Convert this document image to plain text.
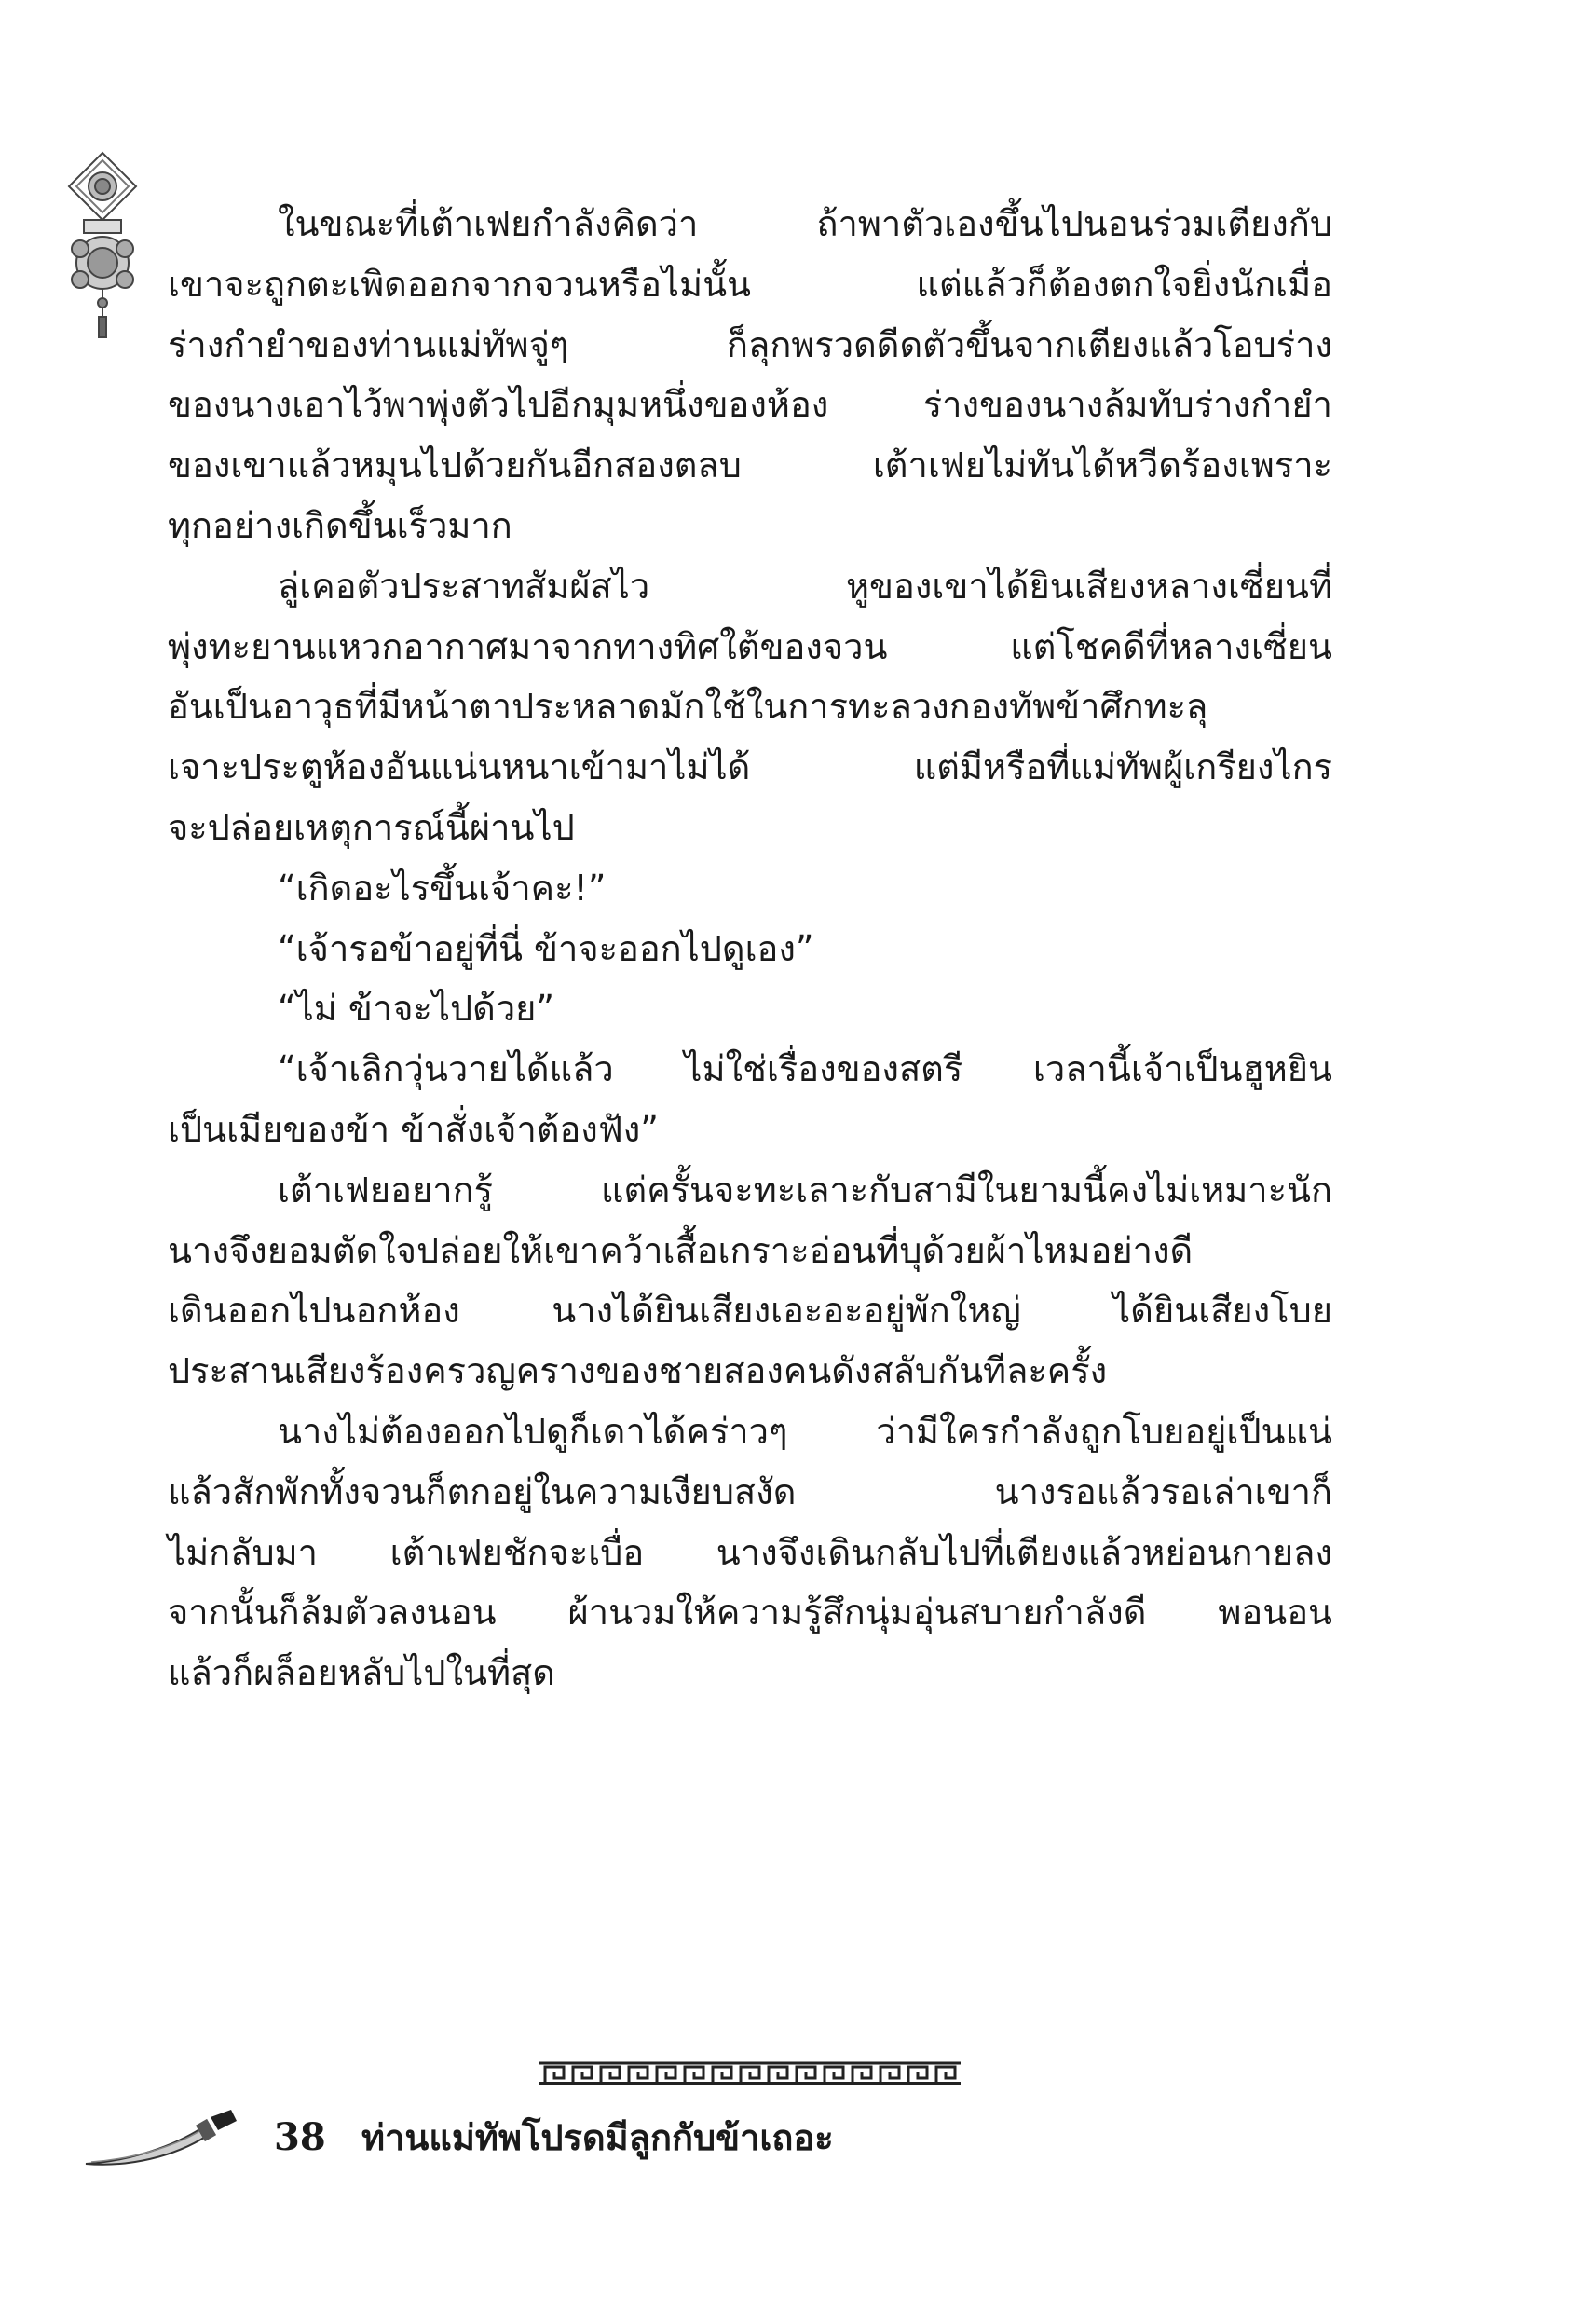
ในขณะที่เต้าเฟยกำลังคิดว่า ถ้าพาตัวเองขึ้นไปนอนร่วมเตียงกับ

เขาจะถูกตะเพิดออกจากจวนหรือไม่นั้น แต่แล้วก็ต้องตกใจยิ่งนักเมื่อ

ร่างกำยำของท่านแม่ทัพจู่ๆ ก็ลุกพรวดดีดตัวขึ้นจากเตียงแล้วโอบร่าง

ของนางเอาไว้พาพุ่งตัวไปอีกมุมหนึ่งของห้อง ร่างของนางล้มทับร่างกำยำ

ของเขาแล้วหมุนไปด้วยกันอีกสองตลบ เต้าเฟยไม่ทันได้หวีดร้องเพราะ

ทุกอย่างเกิดขึ้นเร็วมาก

ลู่เคอตัวประสาทสัมผัสไว หูของเขาได้ยินเสียงหลางเซี่ยนที่

พุ่งทะยานแหวกอากาศมาจากทางทิศใต้ของจวน แต่โชคดีที่หลางเซี่ยน

อันเป็นอาวุธที่มีหน้าตาประหลาดมักใช้ในการทะลวงกองทัพข้าศึกทะลุ

เจาะประตูห้องอันแน่นหนาเข้ามาไม่ได้ แต่มีหรือที่แม่ทัพผู้เกรียงไกร

จะปล่อยเหตุการณ์นี้ผ่านไป

“เกิดอะไรขึ้นเจ้าคะ!”

“เจ้ารอข้าอยู่ที่นี่ ข้าจะออกไปดูเอง”

“ไม่ ข้าจะไปด้วย”

“เจ้าเลิกวุ่นวายได้แล้ว ไม่ใช่เรื่องของสตรี เวลานี้เจ้าเป็นฮูหยิน

เป็นเมียของข้า ข้าสั่งเจ้าต้องฟัง”

เต้าเฟยอยากรู้ แต่ครั้นจะทะเลาะกับสามีในยามนี้คงไม่เหมาะนัก

นางจึงยอมตัดใจปล่อยให้เขาคว้าเสื้อเกราะอ่อนที่บุด้วยผ้าไหมอย่างดี

เดินออกไปนอกห้อง นางได้ยินเสียงเอะอะอยู่พักใหญ่ ได้ยินเสียงโบย

ประสานเสียงร้องครวญครางของชายสองคนดังสลับกันทีละครั้ง

นางไม่ต้องออกไปดูก็เดาได้คร่าวๆ ว่ามีใครกำลังถูกโบยอยู่เป็นแน่

แล้วสักพักทั้งจวนก็ตกอยู่ในความเงียบสงัด นางรอแล้วรอเล่าเขาก็

ไม่กลับมา เต้าเฟยชักจะเบื่อ นางจึงเดินกลับไปที่เตียงแล้วหย่อนกายลง

จากนั้นก็ล้มตัวลงนอน ผ้านวมให้ความรู้สึกนุ่มอุ่นสบายกำลังดี พอนอน

แล้วก็ผล็อยหลับไปในที่สุด

38 ท่านแม่ทัพโปรดมีลูกกับข้าเถอะ
